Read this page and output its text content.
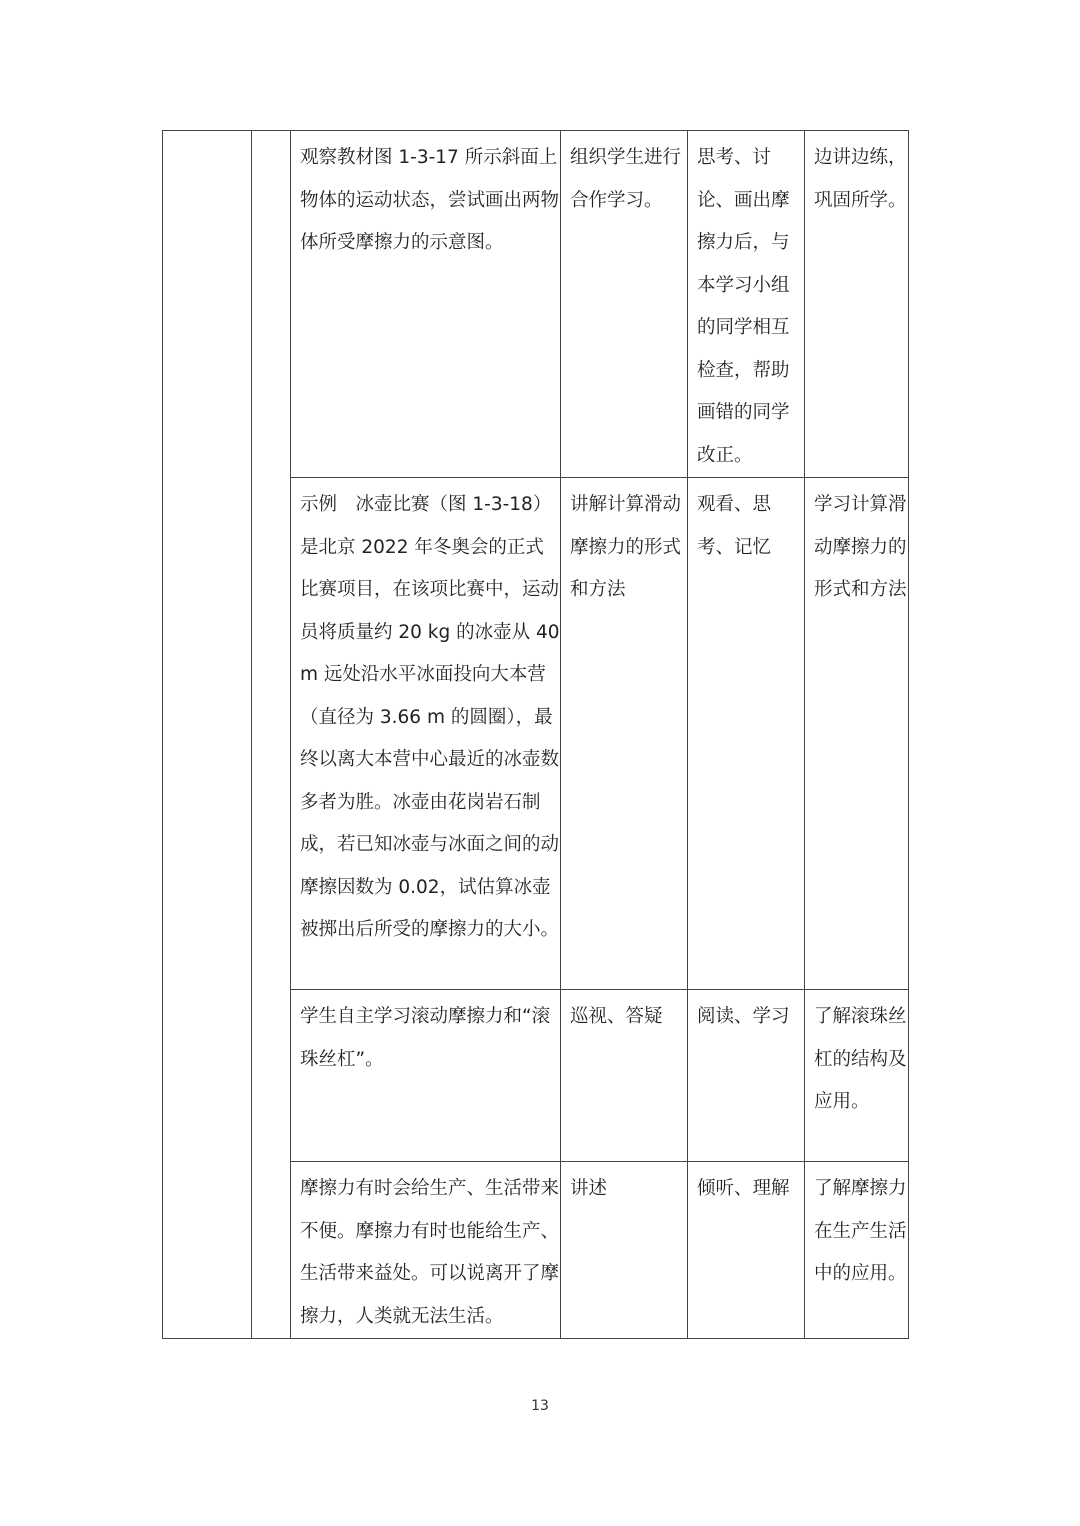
		观察教材图 1-3-17 所示斜面上物体的运动状态，尝试画出两物体所受摩擦力的示意图。	组织学生进行合作学习。	思考、讨论、画出摩擦力后，与本学习小组的同学相互检查，帮助画错的同学改正。	边讲边练，巩固所学。
		示例　冰壶比赛（图 1-3-18）是北京 2022 年冬奥会的正式比赛项目，在该项比赛中，运动员将质量约 20 kg 的冰壶从 40 m 远处沿水平冰面投向大本营（直径为 3.66 m 的圆圈），最终以离大本营中心最近的冰壶数多者为胜。冰壶由花岗岩石制成，若已知冰壶与冰面之间的动摩擦因数为 0.02，试估算冰壶被掷出后所受的摩擦力的大小。	讲解计算滑动摩擦力的形式和方法	观看、思考、记忆	学习计算滑动摩擦力的形式和方法
		学生自主学习滚动摩擦力和“滚珠丝杠”。	巡视、答疑	阅读、学习	了解滚珠丝杠的结构及应用。
		摩擦力有时会给生产、生活带来不便。摩擦力有时也能给生产、生活带来益处。可以说离开了摩擦力，人类就无法生活。	讲述	倾听、理解	了解摩擦力在生产生活中的应用。
13
